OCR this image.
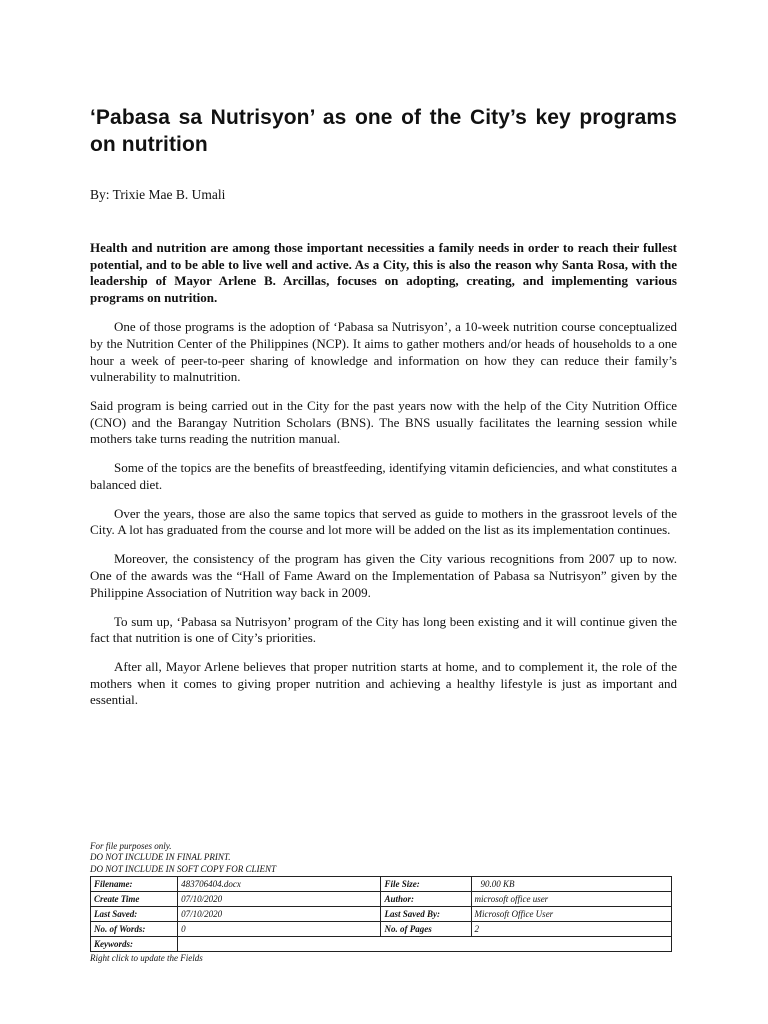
‘Pabasa sa Nutrisyon’ as one of the City’s key programs on nutrition

By: Trixie Mae B. Umali

Health and nutrition are among those important necessities a family needs in order to reach their fullest potential, and to be able to live well and active. As a City, this is also the reason why Santa Rosa, with the leadership of Mayor Arlene B. Arcillas, focuses on adopting, creating, and implementing various programs on nutrition.

One of those programs is the adoption of ‘Pabasa sa Nutrisyon’, a 10-week nutrition course conceptualized by the Nutrition Center of the Philippines (NCP). It aims to gather mothers and/or heads of households to a one hour a week of peer-to-peer sharing of knowledge and information on how they can reduce their family’s vulnerability to malnutrition.

Said program is being carried out in the City for the past years now with the help of the City Nutrition Office (CNO) and the Barangay Nutrition Scholars (BNS). The BNS usually facilitates the learning session while mothers take turns reading the nutrition manual.

Some of the topics are the benefits of breastfeeding, identifying vitamin deficiencies, and what constitutes a balanced diet.

Over the years, those are also the same topics that served as guide to mothers in the grassroot levels of the City. A lot has graduated from the course and lot more will be added on the list as its implementation continues.

Moreover, the consistency of the program has given the City various recognitions from 2007 up to now. One of the awards was the “Hall of Fame Award on the Implementation of Pabasa sa Nutrisyon” given by the Philippine Association of Nutrition way back in 2009.

To sum up, ‘Pabasa sa Nutrisyon’ program of the City has long been existing and it will continue given the fact that nutrition is one of City’s priorities.

After all, Mayor Arlene believes that proper nutrition starts at home, and to complement it, the role of the mothers when it comes to giving proper nutrition and achieving a healthy lifestyle is just as important and essential.

For file purposes only.

DO NOT INCLUDE IN FINAL PRINT.

DO NOT INCLUDE IN SOFT COPY FOR CLIENT

Filename:	483706404.docx	File Size:	90.00 KB
Create Time	07/10/2020	Author:	microsoft office user
Last Saved:	07/10/2020	Last Saved By:	Microsoft Office User
No. of Words:	0	No. of Pages	2
Keywords:			

Right click to update the Fields
